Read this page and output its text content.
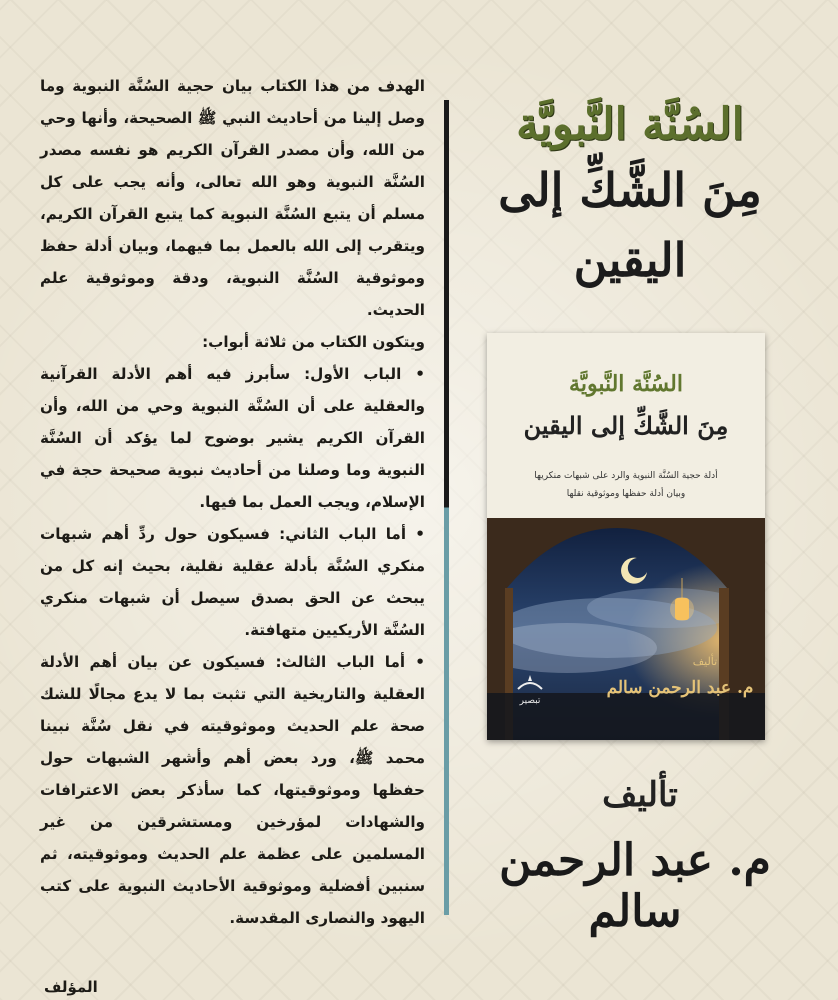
الهدف من هذا الكتاب بيان حجية السُنَّة النبوية وما وصل إلينا من أحاديث النبي ﷺ الصحيحة، وأنها وحي من الله، وأن مصدر القرآن الكريم هو نفسه مصدر السُنَّة النبوية وهو الله تعالى، وأنه يجب على كل مسلم أن يتبع السُنَّة النبوية كما يتبع القرآن الكريم، ويتقرب إلى الله بالعمل بما فيهما، وبيان أدلة حفظ وموثوقية السُنَّة النبوية، ودقة وموثوقية علم الحديث.

ويتكون الكتاب من ثلاثة أبواب:

• الباب الأول: سأبرز فيه أهم الأدلة القرآنية والعقلية على أن السُنَّة النبوية وحي من الله، وأن القرآن الكريم يشير بوضوح لما يؤكد أن السُنَّة النبوية وما وصلنا من أحاديث نبوية صحيحة حجة في الإسلام، ويجب العمل بما فيها.

• أما الباب الثاني: فسيكون حول ردِّ أهم شبهات منكري السُنَّة بأدلة عقلية نقلية، بحيث إنه كل من يبحث عن الحق بصدق سيصل أن شبهات منكري السُنَّة الأريكيين متهافتة.

• أما الباب الثالث: فسيكون عن بيان أهم الأدلة العقلية والتاريخية التي تثبت بما لا يدع مجالًا للشك صحة علم الحديث وموثوقيته في نقل سُنَّة نبينا محمد ﷺ، ورد بعض أهم وأشهر الشبهات حول حفظها وموثوقيتها، كما سأذكر بعض الاعترافات والشهادات لمؤرخين ومستشرقين من غير المسلمين على عظمة علم الحديث وموثوقيته، ثم سنبين أفضلية وموثوقية الأحاديث النبوية على كتب اليهود والنصارى المقدسة.

المؤلف
السُنَّة النَّبويَّة
مِنَ الشَّكِّ إلى اليقين
السُنَّة النَّبويَّة
مِنَ الشَّكِّ إلى اليقين
أدلة حجية السُنَّة النبوية والرد على شبهات منكريها
وبيان أدلة حفظها وموثوقية نقلها
تأليف
م. عبد الرحمن سالم
تبصير
تأليف
م. عبد الرحمن سالم
